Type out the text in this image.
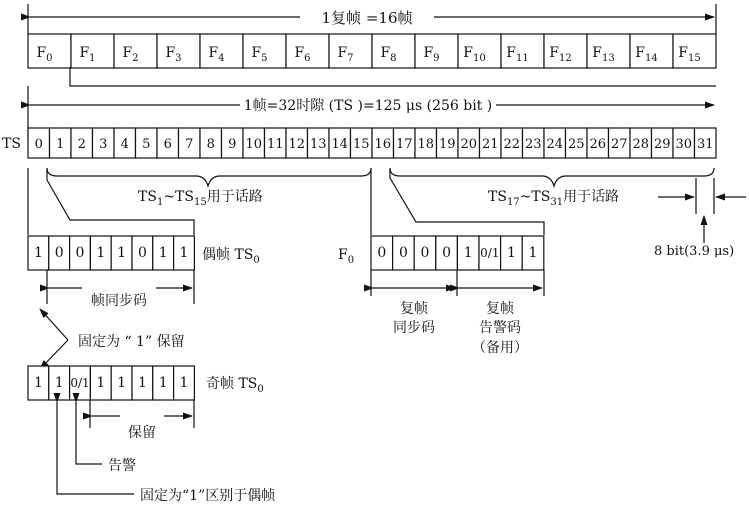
1复帧 =16帧
$F_0$ $F_1$ $F_2$ $F_3$ $F_4$ $F_5$ $F_6$ $F_7$ $F_8$ $F_9$ $F_{10}$ $F_{11}$ $F_{12}$ $F_{13}$ $F_{14}$ $F_{15}$
1帧=32时隙 (TS )=125 μs (256 bit )
TS 0 1 2 3 4 5 6 7 8 9 10 11 12 13 14 15 16 17 18 19 20 21 22 23 24 25 26 27 28 29 30 31
$TS_1\sim TS_{15}$用于话路	$TS_{17}\sim TS_{31}$用于话路
8 bit(3.9 μs)
1 0 0 1 1 0 1 1 偶帧 $TS_0$
帧同步码
固定为 “ 1” 保留
1 1 0/1 1 1 1 1 1 奇帧 $TS_0$
保留
告警
固定为“1”区别于偶帧
$F_0$ 0 0 0 0 1 0/1 1 1
复帧
同步码
复帧
告警码
（备用）
